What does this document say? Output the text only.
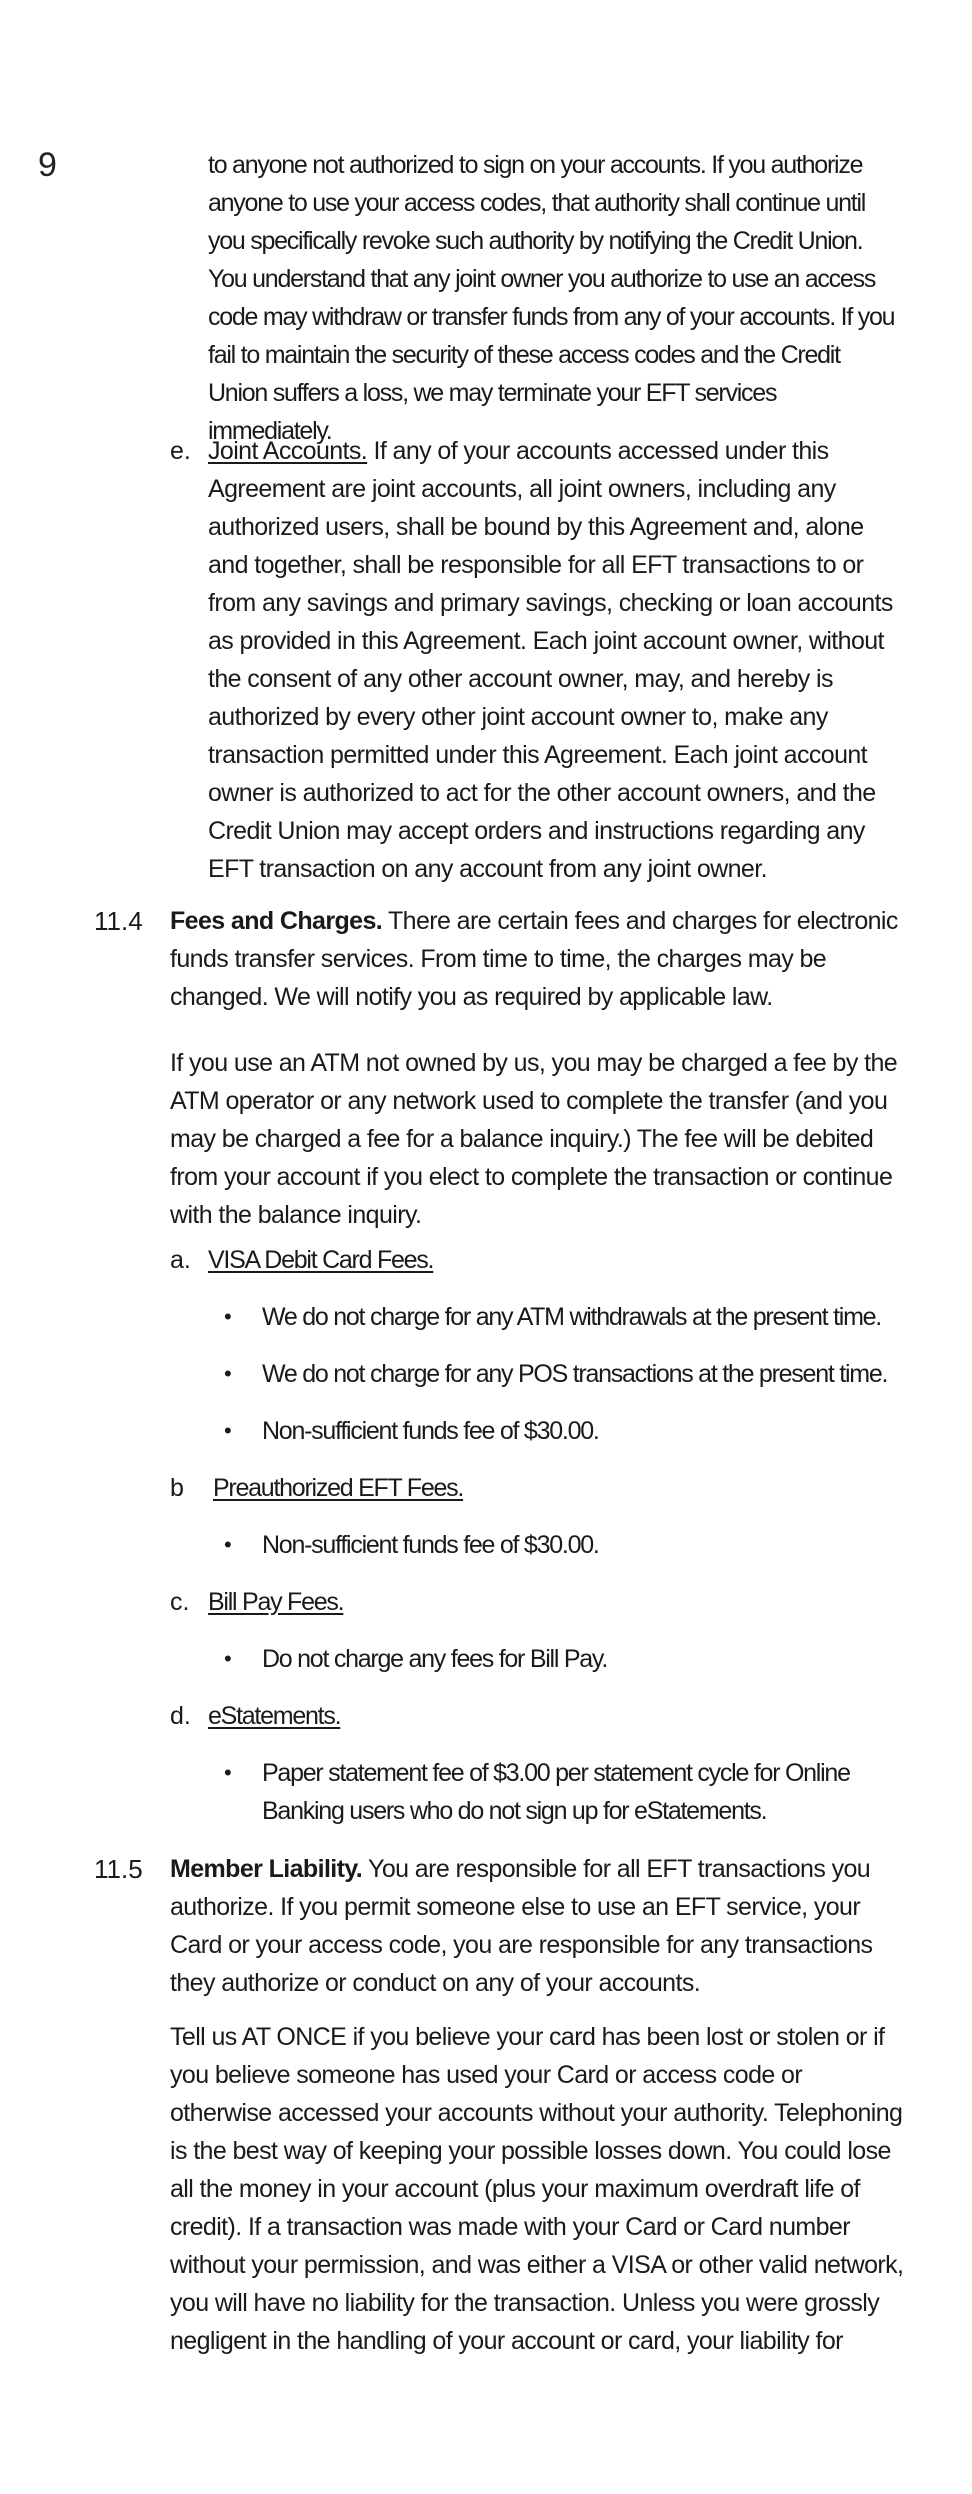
9	to anyone not authorized to sign on your accounts. If you authorize anyone to use your access codes, that authority shall continue until you specifically revoke such authority by notifying the Credit Union. You understand that any joint owner you authorize to use an access code may withdraw or transfer funds from any of your accounts. If you fail to maintain the security of these access codes and the Credit Union suffers a loss, we may terminate your EFT services immediately.

e. Joint Accounts. If any of your accounts accessed under this Agreement are joint accounts, all joint owners, including any authorized users, shall be bound by this Agreement and, alone and together, shall be responsible for all EFT transactions to or from any savings and primary savings, checking or loan accounts as provided in this Agreement. Each joint account owner, without the consent of any other account owner, may, and hereby is authorized by every other joint account owner to, make any transaction permitted under this Agreement. Each joint account owner is authorized to act for the other account owners, and the Credit Union may accept orders and instructions regarding any EFT transaction on any account from any joint owner.

11.4 Fees and Charges. There are certain fees and charges for electronic funds transfer services. From time to time, the charges may be changed. We will notify you as required by applicable law.

If you use an ATM not owned by us, you may be charged a fee by the ATM operator or any network used to complete the transfer (and you may be charged a fee for a balance inquiry.) The fee will be debited from your account if you elect to complete the transaction or continue with the balance inquiry.

a. VISA Debit Card Fees.
• We do not charge for any ATM withdrawals at the present time.
• We do not charge for any POS transactions at the present time.
• Non-sufficient funds fee of $30.00.
b Preauthorized EFT Fees.
• Non-sufficient funds fee of $30.00.
c. Bill Pay Fees.
• Do not charge any fees for Bill Pay.
d. eStatements.
• Paper statement fee of $3.00 per statement cycle for Online Banking users who do not sign up for eStatements.
11.5 Member Liability. You are responsible for all EFT transactions you authorize. If you permit someone else to use an EFT service, your Card or your access code, you are responsible for any transactions they authorize or conduct on any of your accounts.

Tell us AT ONCE if you believe your card has been lost or stolen or if you believe someone has used your Card or access code or otherwise accessed your accounts without your authority. Telephoning is the best way of keeping your possible losses down. You could lose all the money in your account (plus your maximum overdraft life of credit). If a transaction was made with your Card or Card number without your permission, and was either a VISA or other valid network, you will have no liability for the transaction. Unless you were grossly negligent in the handling of your account or card, your liability for
